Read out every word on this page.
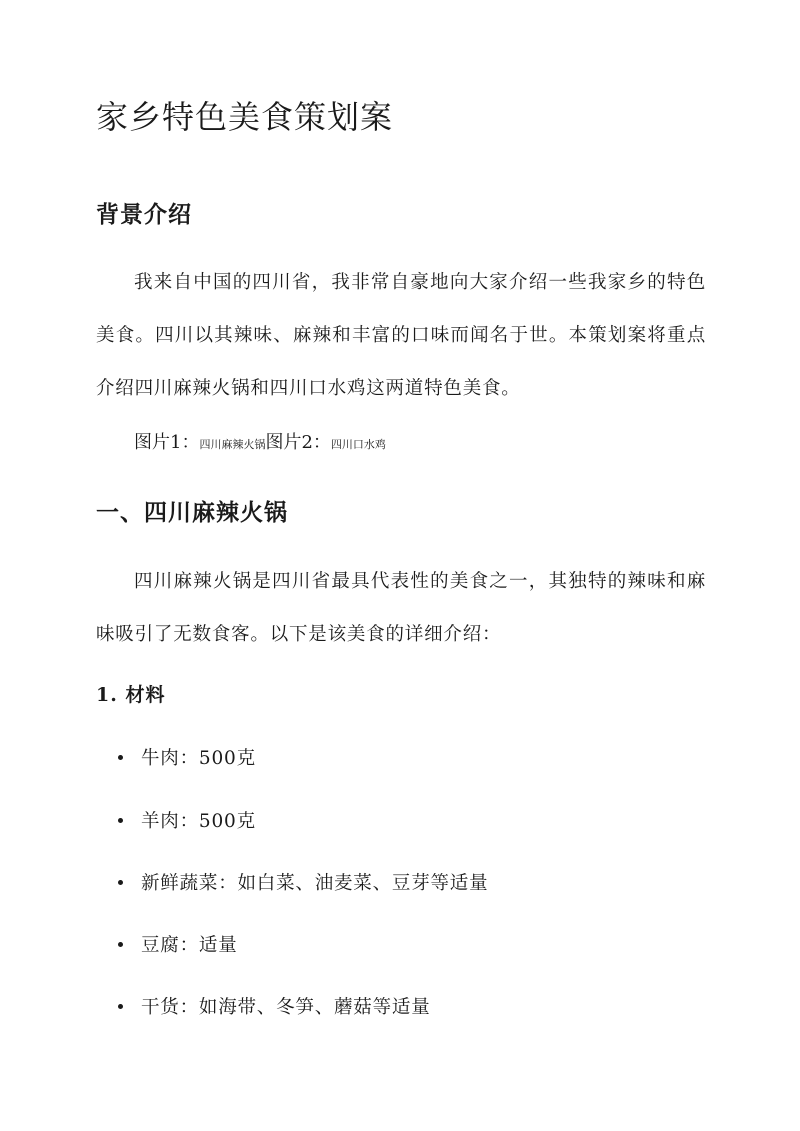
家乡特色美食策划案
背景介绍

我来自中国的四川省，我非常自豪地向大家介绍一些我家乡的特色美食。四川以其辣味、麻辣和丰富的口味而闻名于世。本策划案将重点介绍四川麻辣火锅和四川口水鸡这两道特色美食。

图片1：四川麻辣火锅图片2：四川口水鸡

一、四川麻辣火锅

四川麻辣火锅是四川省最具代表性的美食之一，其独特的辣味和麻味吸引了无数食客。以下是该美食的详细介绍：

1. 材料
牛肉：500克
羊肉：500克
新鲜蔬菜：如白菜、油麦菜、豆芽等适量
豆腐：适量
干货：如海带、冬笋、蘑菇等适量
